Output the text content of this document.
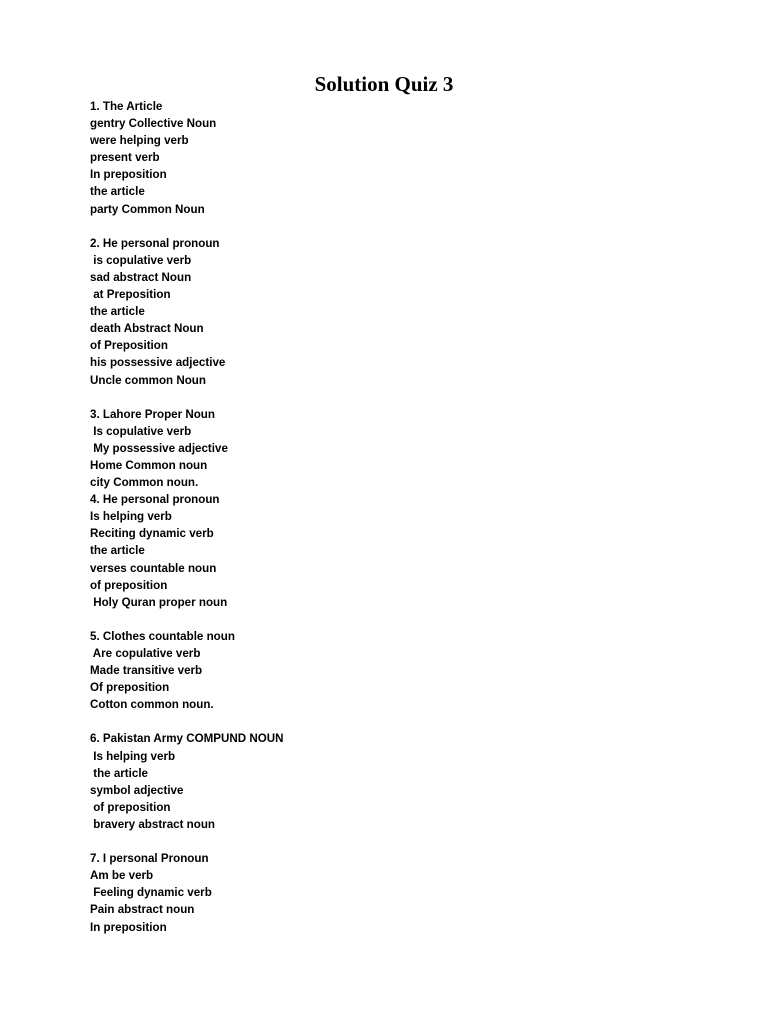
Solution Quiz 3
1. The Article
gentry Collective Noun
were helping verb
present verb
In preposition
the article
party Common Noun

2. He personal pronoun
is copulative verb
sad abstract Noun
at Preposition
the article
death Abstract Noun
of Preposition
his possessive adjective
Uncle common Noun

3. Lahore Proper Noun
Is copulative verb
My possessive adjective
Home Common noun
city Common noun.
4. He personal pronoun
Is helping verb
Reciting dynamic verb
the article
verses countable noun
of preposition
Holy Quran proper noun

5. Clothes countable noun
Are copulative verb
Made transitive verb
Of preposition
Cotton common noun.

6. Pakistan Army COMPUND NOUN
Is helping verb
the article
symbol adjective
of preposition
bravery abstract noun

7. I personal Pronoun
Am be verb
Feeling dynamic verb
Pain abstract noun
In preposition
